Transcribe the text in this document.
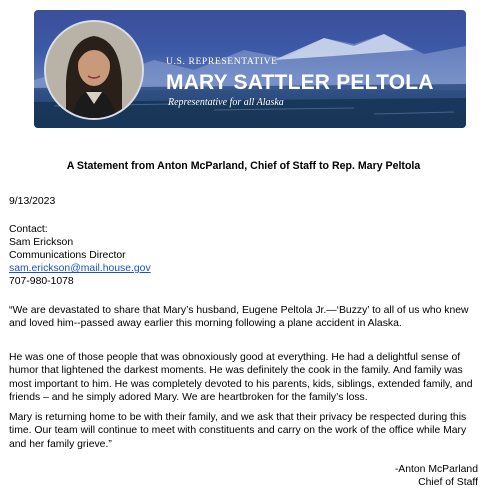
U.S. REPRESENTATIVE
MARY SATTLER PELTOLA
Representative for all Alaska
A Statement from Anton McParland, Chief of Staff to Rep. Mary Peltola
9/13/2023
Contact:
Sam Erickson
Communications Director
sam.erickson@mail.house.gov
707-980-1078

“We are devastated to share that Mary’s husband, Eugene Peltola Jr.—‘Buzzy’ to all of us who knew and loved him--passed away earlier this morning following a plane accident in Alaska.

He was one of those people that was obnoxiously good at everything. He had a delightful sense of humor that lightened the darkest moments. He was definitely the cook in the family. And family was most important to him. He was completely devoted to his parents, kids, siblings, extended family, and friends – and he simply adored Mary. We are heartbroken for the family’s loss.

Mary is returning home to be with their family, and we ask that their privacy be respected during this time. Our team will continue to meet with constituents and carry on the work of the office while Mary and her family grieve.”

-Anton McParland
Chief of Staff
